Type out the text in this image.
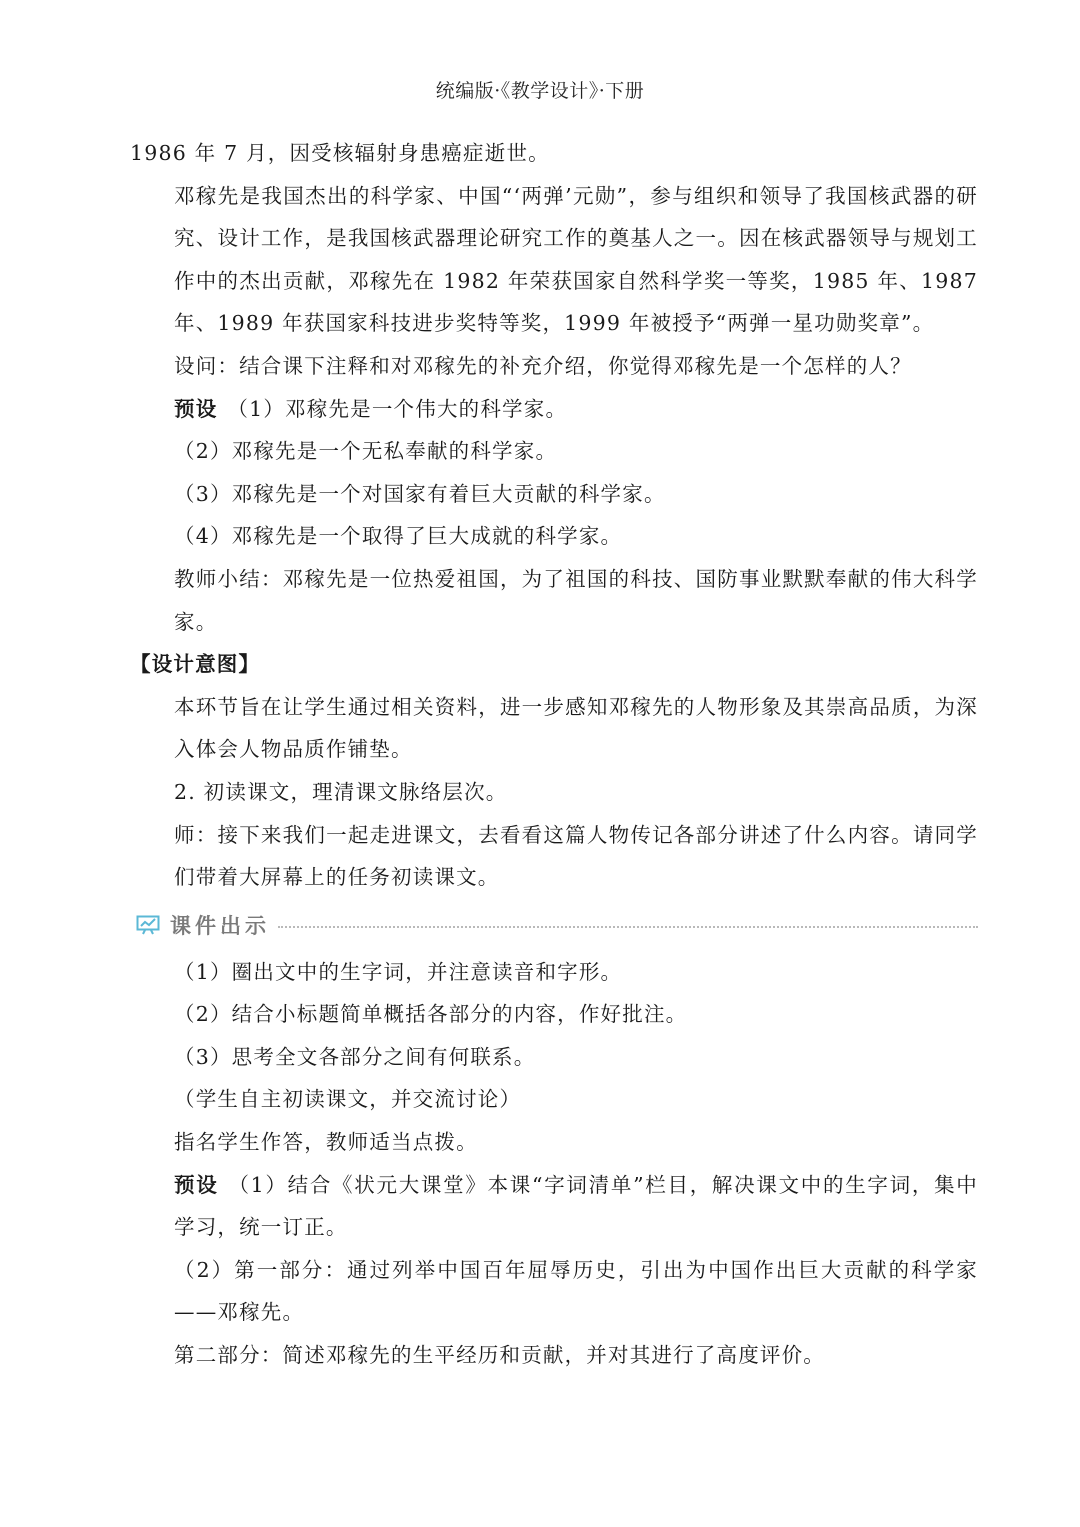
统编版·《教学设计》·下册
1986 年 7 月，因受核辐射身患癌症逝世。
邓稼先是我国杰出的科学家、中国“‘两弹’元勋”，参与组织和领导了我国核武器的研究、设计工作，是我国核武器理论研究工作的奠基人之一。因在核武器领导与规划工作中的杰出贡献，邓稼先在 1982 年荣获国家自然科学奖一等奖，1985 年、1987 年、1989 年获国家科技进步奖特等奖，1999 年被授予“两弹一星功勋奖章”。
设问：结合课下注释和对邓稼先的补充介绍，你觉得邓稼先是一个怎样的人？
预设 （1）邓稼先是一个伟大的科学家。
（2）邓稼先是一个无私奉献的科学家。
（3）邓稼先是一个对国家有着巨大贡献的科学家。
（4）邓稼先是一个取得了巨大成就的科学家。
教师小结：邓稼先是一位热爱祖国，为了祖国的科技、国防事业默默奉献的伟大科学家。
【设计意图】
本环节旨在让学生通过相关资料，进一步感知邓稼先的人物形象及其崇高品质，为深入体会人物品质作铺垫。
2. 初读课文，理清课文脉络层次。
师：接下来我们一起走进课文，去看看这篇人物传记各部分讲述了什么内容。请同学们带着大屏幕上的任务初读课文。
课件出示
（1）圈出文中的生字词，并注意读音和字形。
（2）结合小标题简单概括各部分的内容，作好批注。
（3）思考全文各部分之间有何联系。
（学生自主初读课文，并交流讨论）
指名学生作答，教师适当点拨。
预设 （1）结合《状元大课堂》本课“字词清单”栏目，解决课文中的生字词，集中学习，统一订正。
（2）第一部分：通过列举中国百年屈辱历史，引出为中国作出巨大贡献的科学家——邓稼先。
第二部分：简述邓稼先的生平经历和贡献，并对其进行了高度评价。
